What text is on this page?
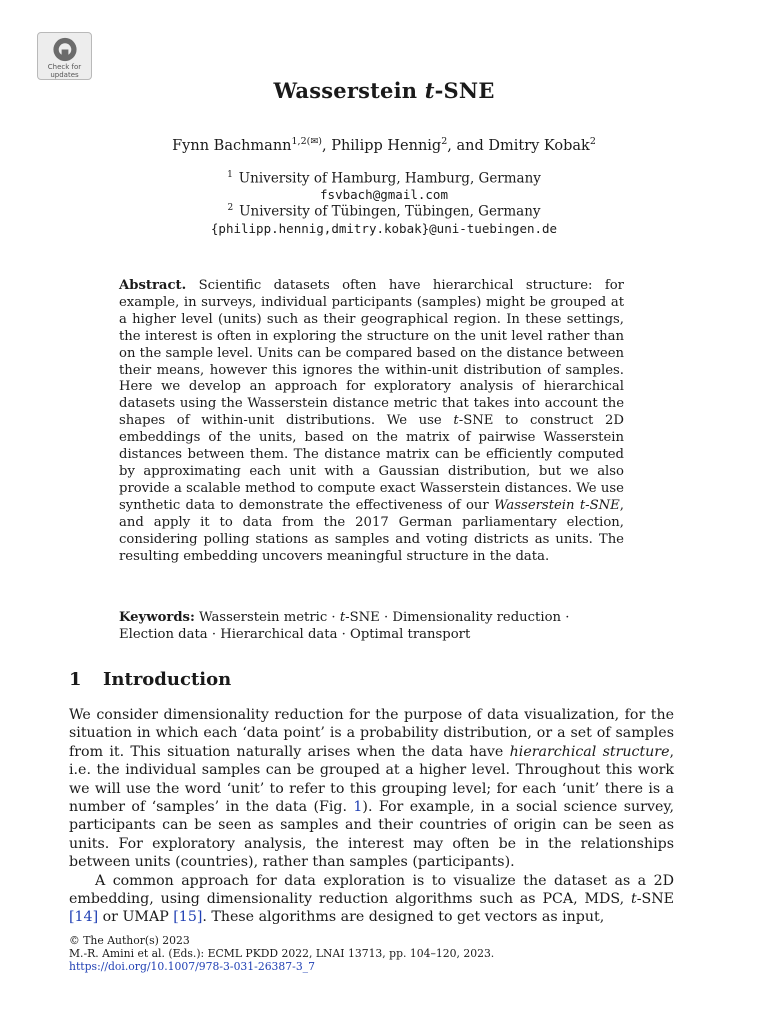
Check for
updates
Wasserstein t-SNE
Fynn Bachmann$^{1,2(✉)}$, Philipp Hennig$^2$, and Dmitry Kobak$^2$
$^1$ University of Hamburg, Hamburg, Germany
fsvbach@gmail.com
$^2$ University of Tübingen, Tübingen, Germany
{philipp.hennig,dmitry.kobak}@uni-tuebingen.de
Abstract. Scientific datasets often have hierarchical structure: for example, in surveys, individual participants (samples) might be grouped at a higher level (units) such as their geographical region. In these settings, the interest is often in exploring the structure on the unit level rather than on the sample level. Units can be compared based on the distance between their means, however this ignores the within-unit distribution of samples. Here we develop an approach for exploratory analysis of hierarchical datasets using the Wasserstein distance metric that takes into account the shapes of within-unit distributions. We use t-SNE to construct 2D embeddings of the units, based on the matrix of pairwise Wasserstein distances between them. The distance matrix can be efficiently computed by approximating each unit with a Gaussian distribution, but we also provide a scalable method to compute exact Wasserstein distances. We use synthetic data to demonstrate the effectiveness of our Wasserstein t-SNE, and apply it to data from the 2017 German parliamentary election, considering polling stations as samples and voting districts as units. The resulting embedding uncovers meaningful structure in the data.
Keywords: Wasserstein metric · t-SNE · Dimensionality reduction · Election data · Hierarchical data · Optimal transport
1 Introduction

We consider dimensionality reduction for the purpose of data visualization, for the situation in which each ‘data point’ is a probability distribution, or a set of samples from it. This situation naturally arises when the data have hierarchical structure, i.e. the individual samples can be grouped at a higher level. Throughout this work we will use the word ‘unit’ to refer to this grouping level; for each ‘unit’ there is a number of ‘samples’ in the data (Fig. 1). For example, in a social science survey, participants can be seen as samples and their countries of origin can be seen as units. For exploratory analysis, the interest may often be in the relationships between units (countries), rather than samples (participants).

A common approach for data exploration is to visualize the dataset as a 2D embedding, using dimensionality reduction algorithms such as PCA, MDS, t-SNE [14] or UMAP [15]. These algorithms are designed to get vectors as input,

© The Author(s) 2023
M.-R. Amini et al. (Eds.): ECML PKDD 2022, LNAI 13713, pp. 104–120, 2023.
https://doi.org/10.1007/978-3-031-26387-3_7
